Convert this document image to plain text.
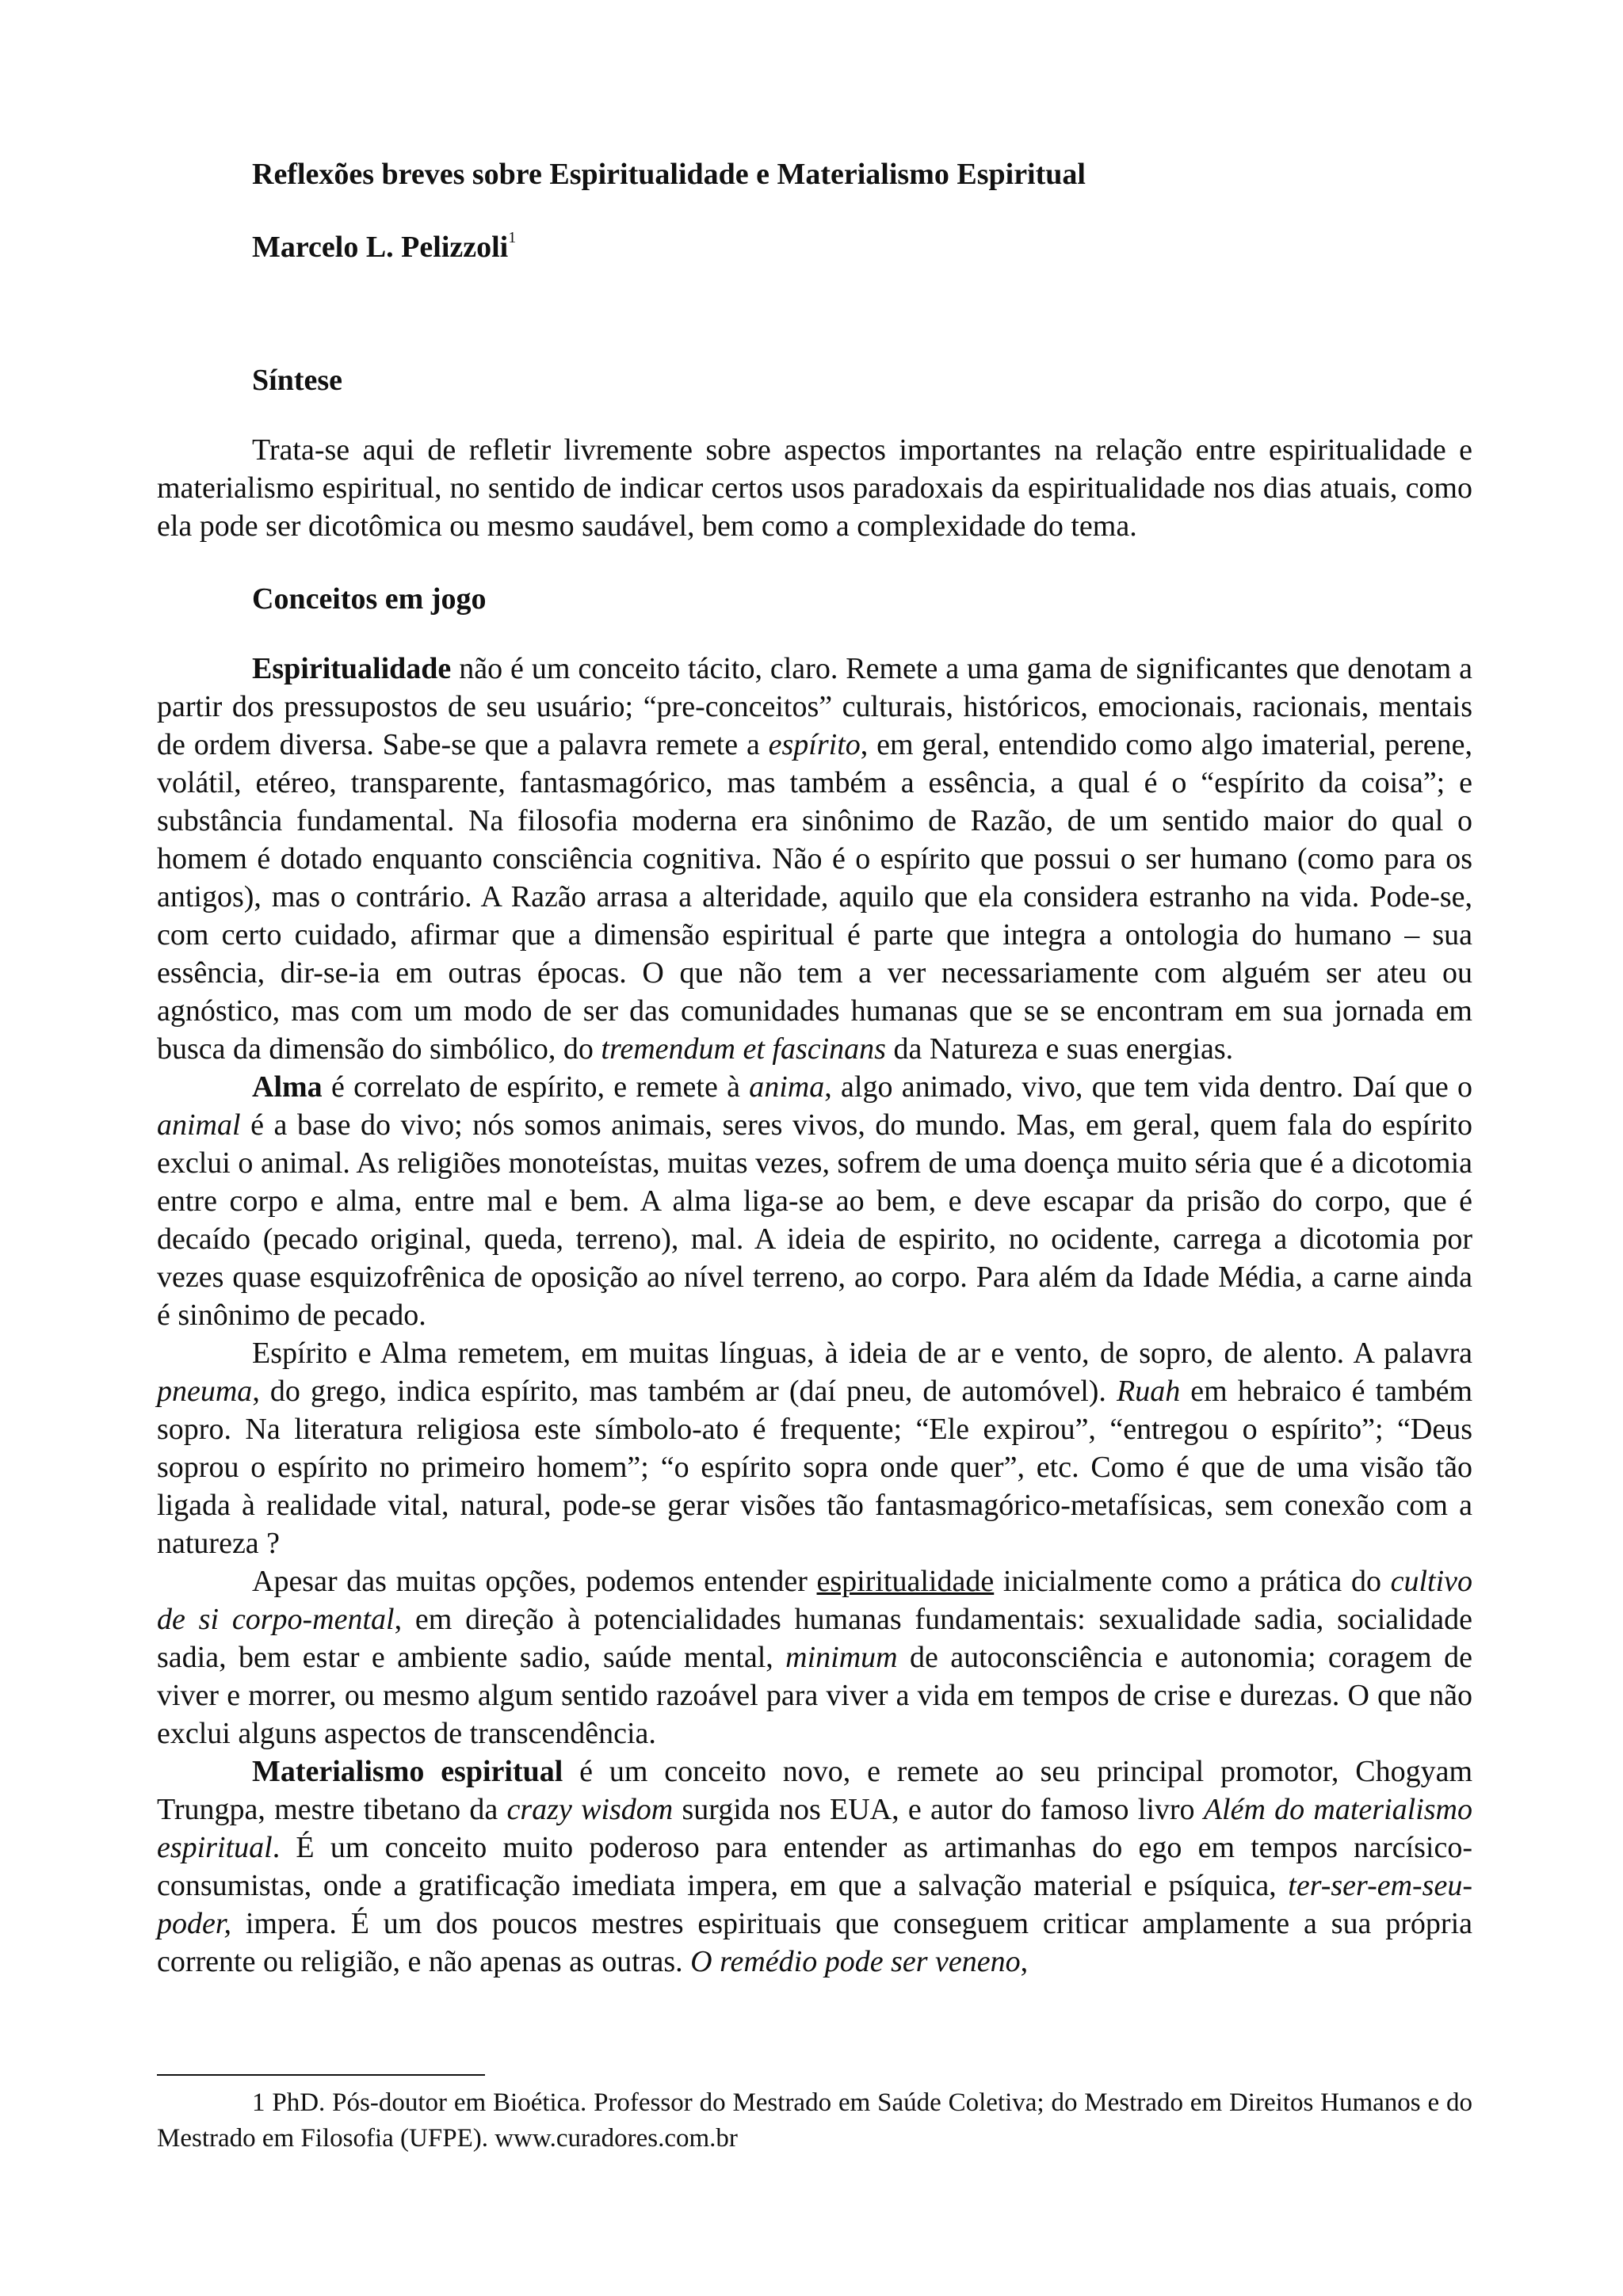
Reflexões breves sobre Espiritualidade e Materialismo Espiritual

Marcelo L. Pelizzoli$^1$

Síntese

Trata-se aqui de refletir livremente sobre aspectos importantes na relação entre espiritualidade e materialismo espiritual, no sentido de indicar certos usos paradoxais da espiritualidade nos dias atuais, como ela pode ser dicotômica ou mesmo saudável, bem como a complexidade do tema.

Conceitos em jogo

Espiritualidade não é um conceito tácito, claro. Remete a uma gama de significantes que denotam a partir dos pressupostos de seu usuário; “pre-conceitos” culturais, históricos, emocionais, racionais, mentais de ordem diversa. Sabe-se que a palavra remete a espírito, em geral, entendido como algo imaterial, perene, volátil, etéreo, transparente, fantasmagórico, mas também a essência, a qual é o “espírito da coisa”; e substância fundamental. Na filosofia moderna era sinônimo de Razão, de um sentido maior do qual o homem é dotado enquanto consciência cognitiva. Não é o espírito que possui o ser humano (como para os antigos), mas o contrário. A Razão arrasa a alteridade, aquilo que ela considera estranho na vida. Pode-se, com certo cuidado, afirmar que a dimensão espiritual é parte que integra a ontologia do humano – sua essência, dir-se-ia em outras épocas. O que não tem a ver necessariamente com alguém ser ateu ou agnóstico, mas com um modo de ser das comunidades humanas que se se encontram em sua jornada em busca da dimensão do simbólico, do tremendum et fascinans da Natureza e suas energias.

Alma é correlato de espírito, e remete à anima, algo animado, vivo, que tem vida dentro. Daí que o animal é a base do vivo; nós somos animais, seres vivos, do mundo. Mas, em geral, quem fala do espírito exclui o animal. As religiões monoteístas, muitas vezes, sofrem de uma doença muito séria que é a dicotomia entre corpo e alma, entre mal e bem. A alma liga-se ao bem, e deve escapar da prisão do corpo, que é decaído (pecado original, queda, terreno), mal. A ideia de espirito, no ocidente, carrega a dicotomia por vezes quase esquizofrênica de oposição ao nível terreno, ao corpo. Para além da Idade Média, a carne ainda é sinônimo de pecado.

Espírito e Alma remetem, em muitas línguas, à ideia de ar e vento, de sopro, de alento. A palavra pneuma, do grego, indica espírito, mas também ar (daí pneu, de automóvel). Ruah em hebraico é também sopro. Na literatura religiosa este símbolo-ato é frequente; “Ele expirou”, “entregou o espírito”; “Deus soprou o espírito no primeiro homem”; “o espírito sopra onde quer”, etc. Como é que de uma visão tão ligada à realidade vital, natural, pode-se gerar visões tão fantasmagórico-metafísicas, sem conexão com a natureza ?

Apesar das muitas opções, podemos entender espiritualidade inicialmente como a prática do cultivo de si corpo-mental, em direção à potencialidades humanas fundamentais: sexualidade sadia, socialidade sadia, bem estar e ambiente sadio, saúde mental, minimum de autoconsciência e autonomia; coragem de viver e morrer, ou mesmo algum sentido razoável para viver a vida em tempos de crise e durezas. O que não exclui alguns aspectos de transcendência.

Materialismo espiritual é um conceito novo, e remete ao seu principal promotor, Chogyam Trungpa, mestre tibetano da crazy wisdom surgida nos EUA, e autor do famoso livro Além do materialismo espiritual. É um conceito muito poderoso para entender as artimanhas do ego em tempos narcísico-consumistas, onde a gratificação imediata impera, em que a salvação material e psíquica, ter-ser-em-seu-poder, impera. É um dos poucos mestres espirituais que conseguem criticar amplamente a sua própria corrente ou religião, e não apenas as outras. O remédio pode ser veneno,

1 PhD. Pós-doutor em Bioética. Professor do Mestrado em Saúde Coletiva; do Mestrado em Direitos Humanos e do Mestrado em Filosofia (UFPE). www.curadores.com.br
